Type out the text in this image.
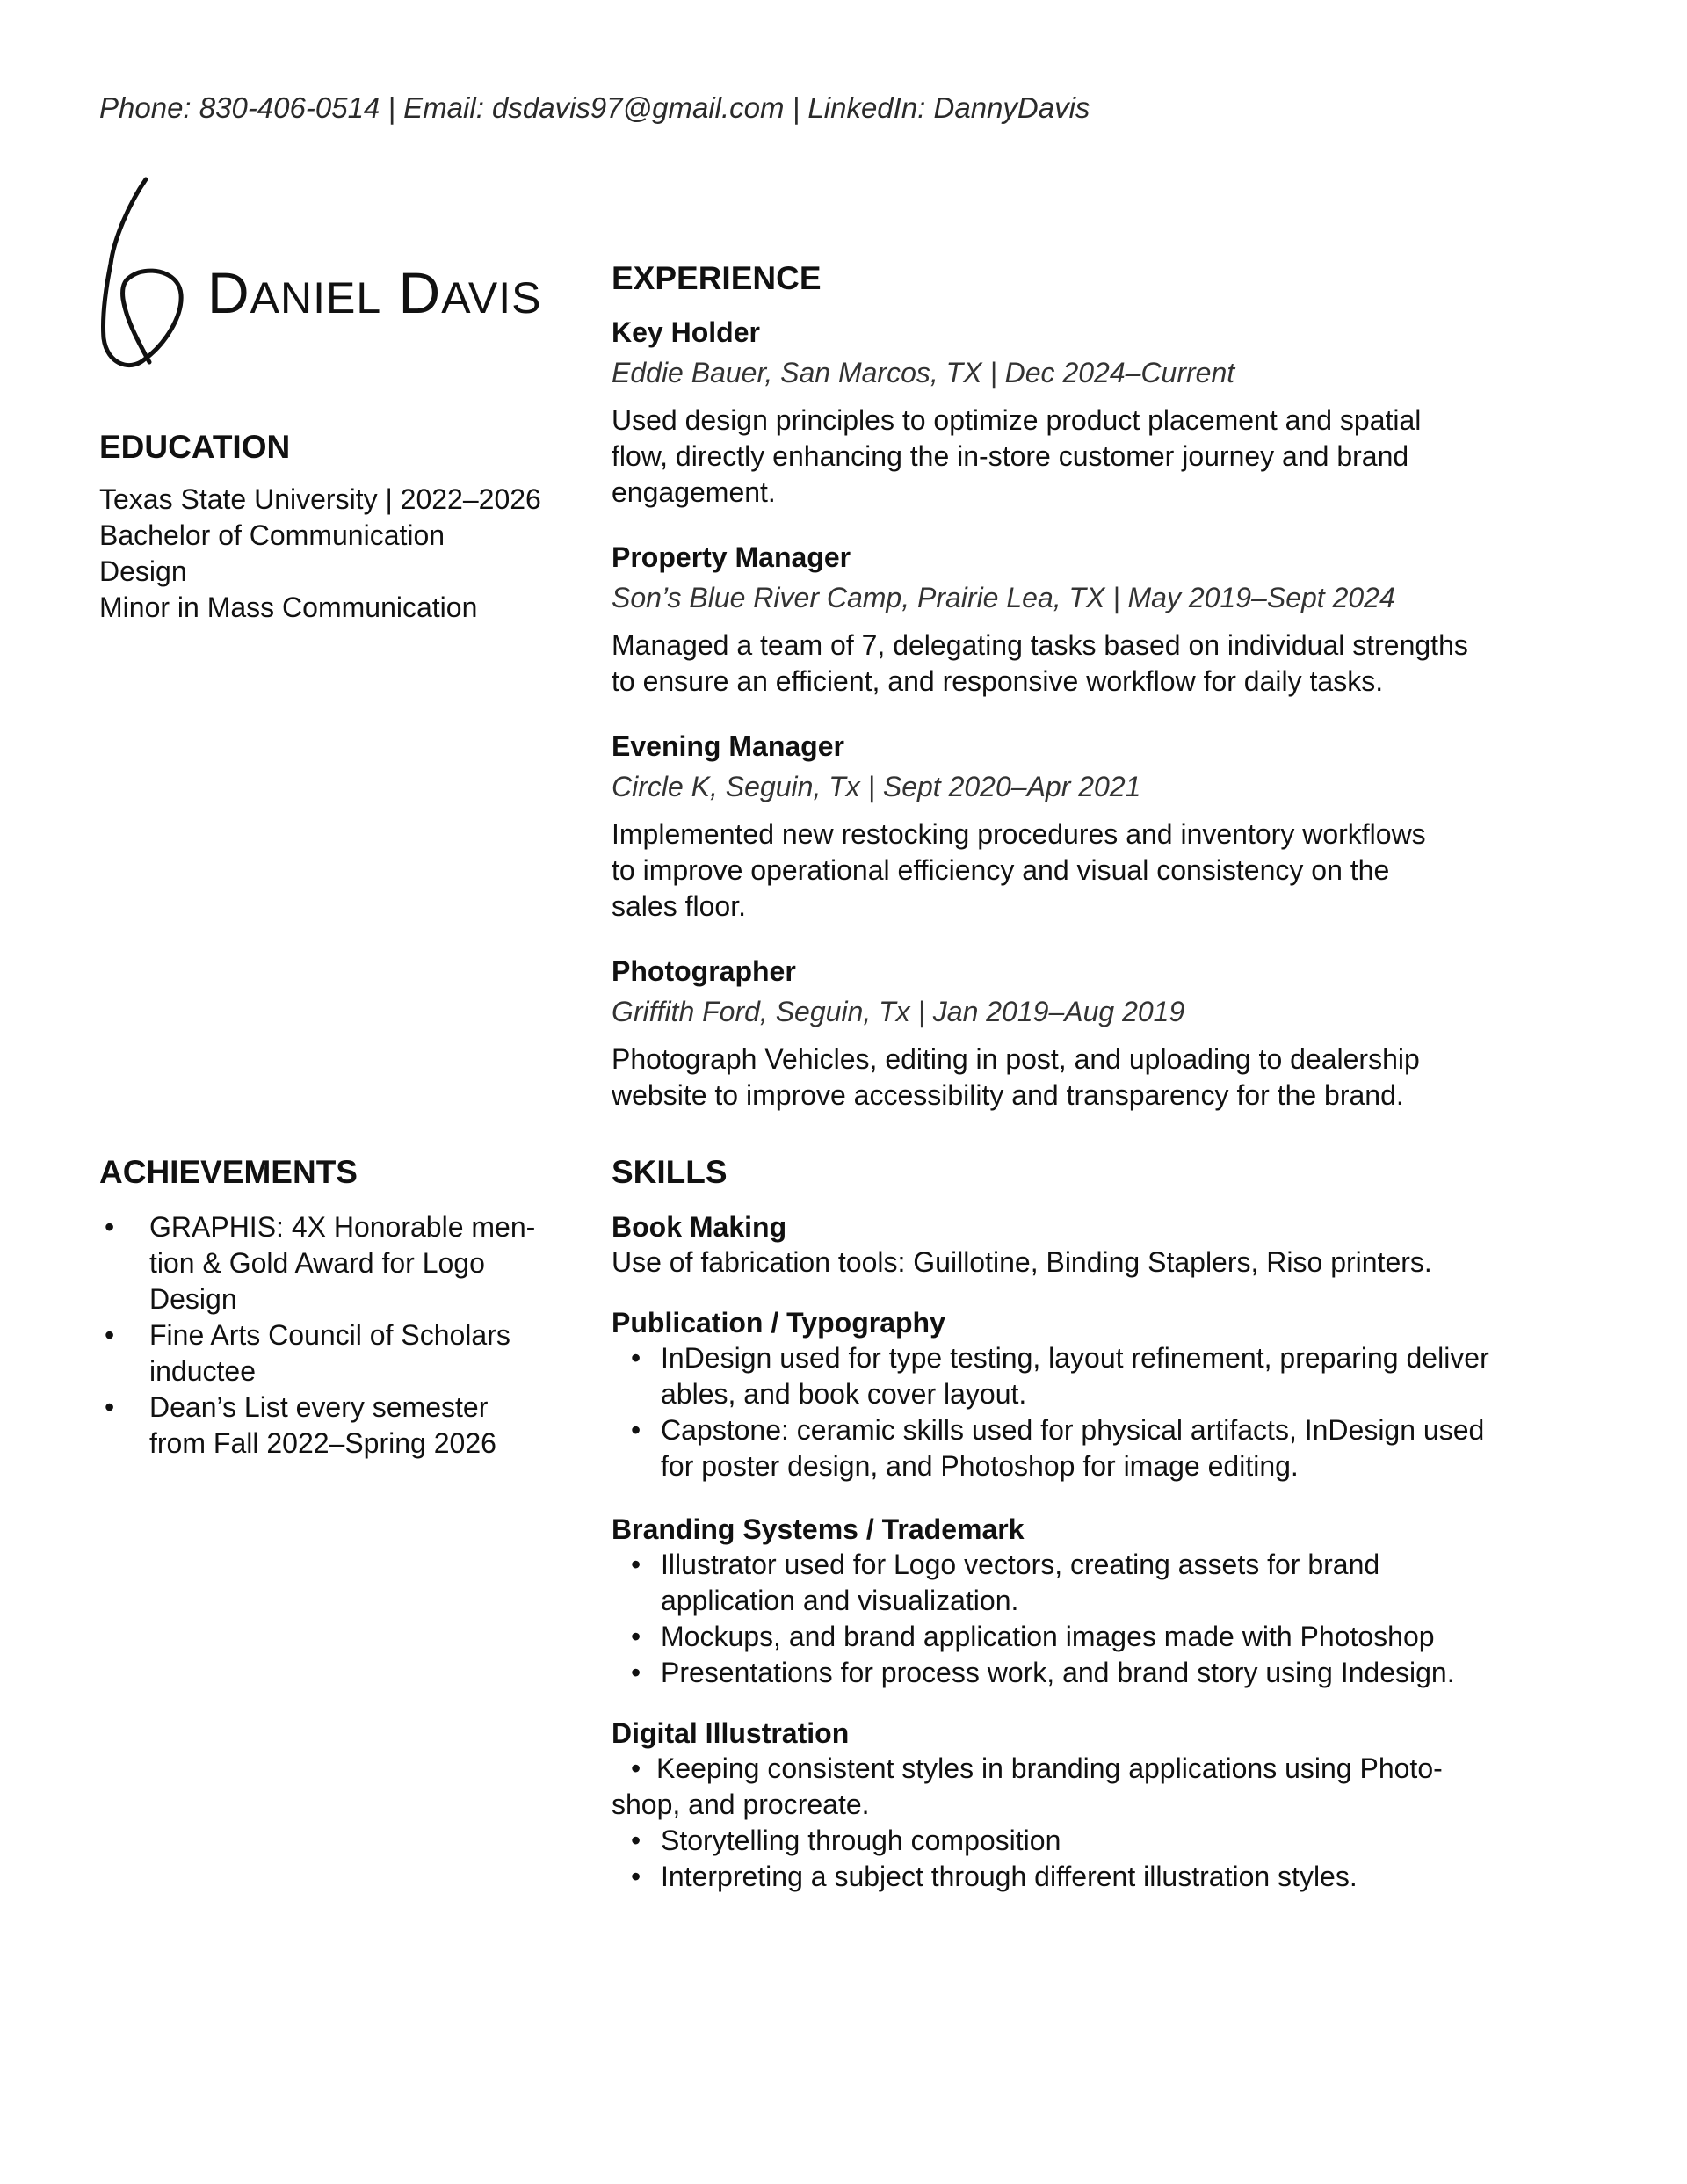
Phone: 830-406-0514 | Email: dsdavis97@gmail.com | LinkedIn: DannyDavis
DANIEL DAVIS
EDUCATION
Texas State University | 2022–2026
Bachelor of Communication
Design
Minor in Mass Communication
EXPERIENCE
Key Holder
Eddie Bauer, San Marcos, TX | Dec 2024–Current
Used design principles to optimize product placement and spatial
flow, directly enhancing the in-store customer journey and brand
engagement.
Property Manager
Son’s Blue River Camp, Prairie Lea, TX | May 2019–Sept 2024
Managed a team of 7, delegating tasks based on individual strengths
to ensure an efficient, and responsive workflow for daily tasks.
Evening Manager
Circle K, Seguin, Tx | Sept 2020–Apr 2021
Implemented new restocking procedures and inventory workflows
to improve operational efficiency and visual consistency on the
sales floor.
Photographer
Griffith Ford, Seguin, Tx | Jan 2019–Aug 2019
Photograph Vehicles, editing in post, and uploading to dealership
website to improve accessibility and transparency for the brand.
ACHIEVEMENTS
• GRAPHIS: 4X Honorable men-
tion & Gold Award for Logo
Design
• Fine Arts Council of Scholars
inductee
• Dean’s List every semester
from Fall 2022–Spring 2026
SKILLS
Book Making
Use of fabrication tools: Guillotine, Binding Staplers, Riso printers.
Publication / Typography
• InDesign used for type testing, layout refinement, preparing deliver
ables, and book cover layout.
• Capstone: ceramic skills used for physical artifacts, InDesign used
for poster design, and Photoshop for image editing.
Branding Systems / Trademark
• Illustrator used for Logo vectors, creating assets for brand
application and visualization.
• Mockups, and brand application images made with Photoshop
• Presentations for process work, and brand story using Indesign.
Digital Illustration
• Keeping consistent styles in branding applications using Photo-
shop, and procreate.
• Storytelling through composition
• Interpreting a subject through different illustration styles.
